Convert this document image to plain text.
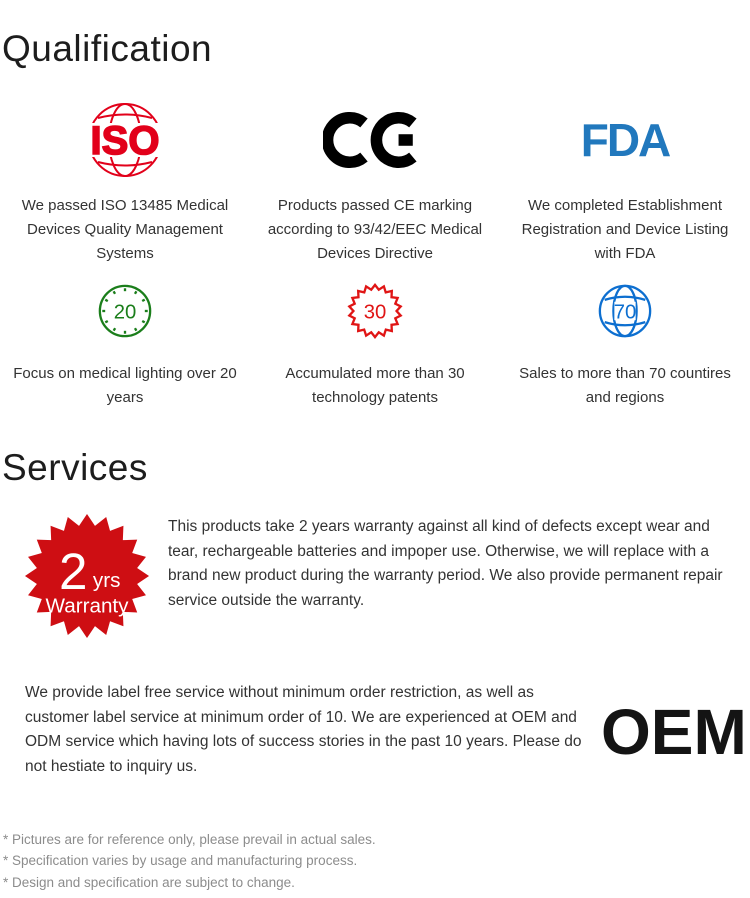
Qualification
ISO	FDA
We passed ISO 13485 Medical Devices Quality Management Systems
Products passed CE marking according to 93/42/EEC Medical Devices Directive
We completed Establishment Registration and Device Listing with FDA
20	30	70
Focus on medical lighting over 20 years
Accumulated more than 30 technology patents
Sales to more than 70 countires and regions
Services
2 yrs
Warranty
This products take 2 years warranty against all kind of defects except wear and tear, rechargeable batteries and impoper use. Otherwise, we will replace with a brand new product during the warranty period. We also provide permanent repair service outside the warranty.
We provide label free service without minimum order restriction, as well as customer label service at minimum order of 10. We are experienced at OEM and ODM service which having lots of success stories in the past 10 years. Please do not hestiate to inquiry us.	OEM
* Pictures are for reference only, please prevail in actual sales.
* Specification varies by usage and manufacturing process.
* Design and specification are subject to change.
